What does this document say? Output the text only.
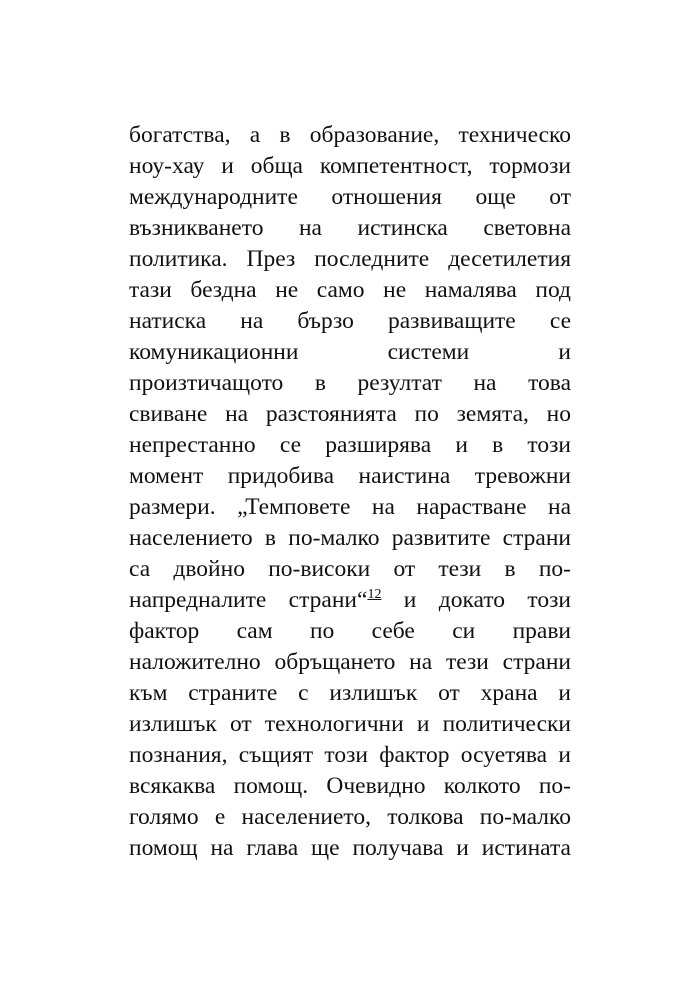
богатства, а в образование, техническо
ноу-хау и обща компетентност, тормози
международните отношения още от
възникването на истинска световна
политика. През последните десетилетия
тази бездна не само не намалява под
натиска на бързо развиващите се
комуникационни системи и
произтичащото в резултат на това
свиване на разстоянията по земята, но
непрестанно се разширява и в този
момент придобива наистина тревожни
размери. „Темповете на нарастване на
населението в по-малко развитите страни
са двойно по-високи от тези в по-
напредналите страни“$^{12}$ и докато този
фактор сам по себе си прави
наложително обръщането на тези страни
към страните с излишък от храна и
излишък от технологични и политически
познания, същият този фактор осуетява и
всякаква помощ. Очевидно колкото по-
голямо е населението, толкова по-малко
помощ на глава ще получава и истината
